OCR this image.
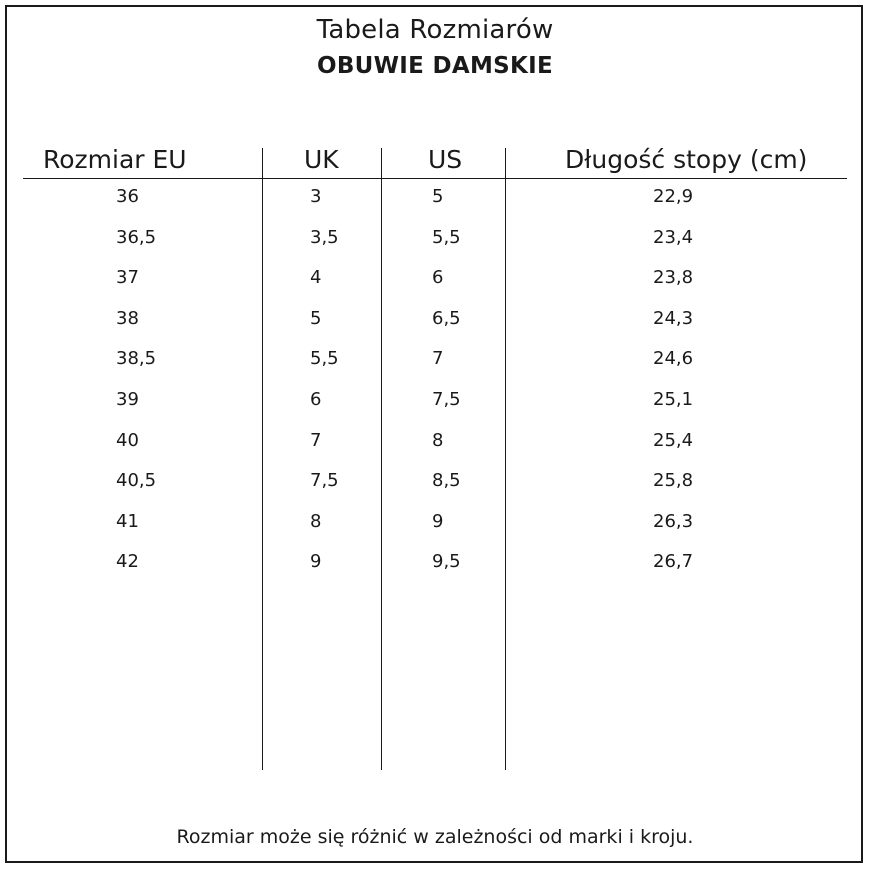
Tabela Rozmiarów
OBUWIE DAMSKIE
Rozmiar EU	UK	US	Długość stopy (cm)
36	3	5	22,9
36,5	3,5	5,5	23,4
37	4	6	23,8
38	5	6,5	24,3
38,5	5,5	7	24,6
39	6	7,5	25,1
40	7	8	25,4
40,5	7,5	8,5	25,8
41	8	9	26,3
42	9	9,5	26,7
Rozmiar może się różnić w zależności od marki i kroju.
